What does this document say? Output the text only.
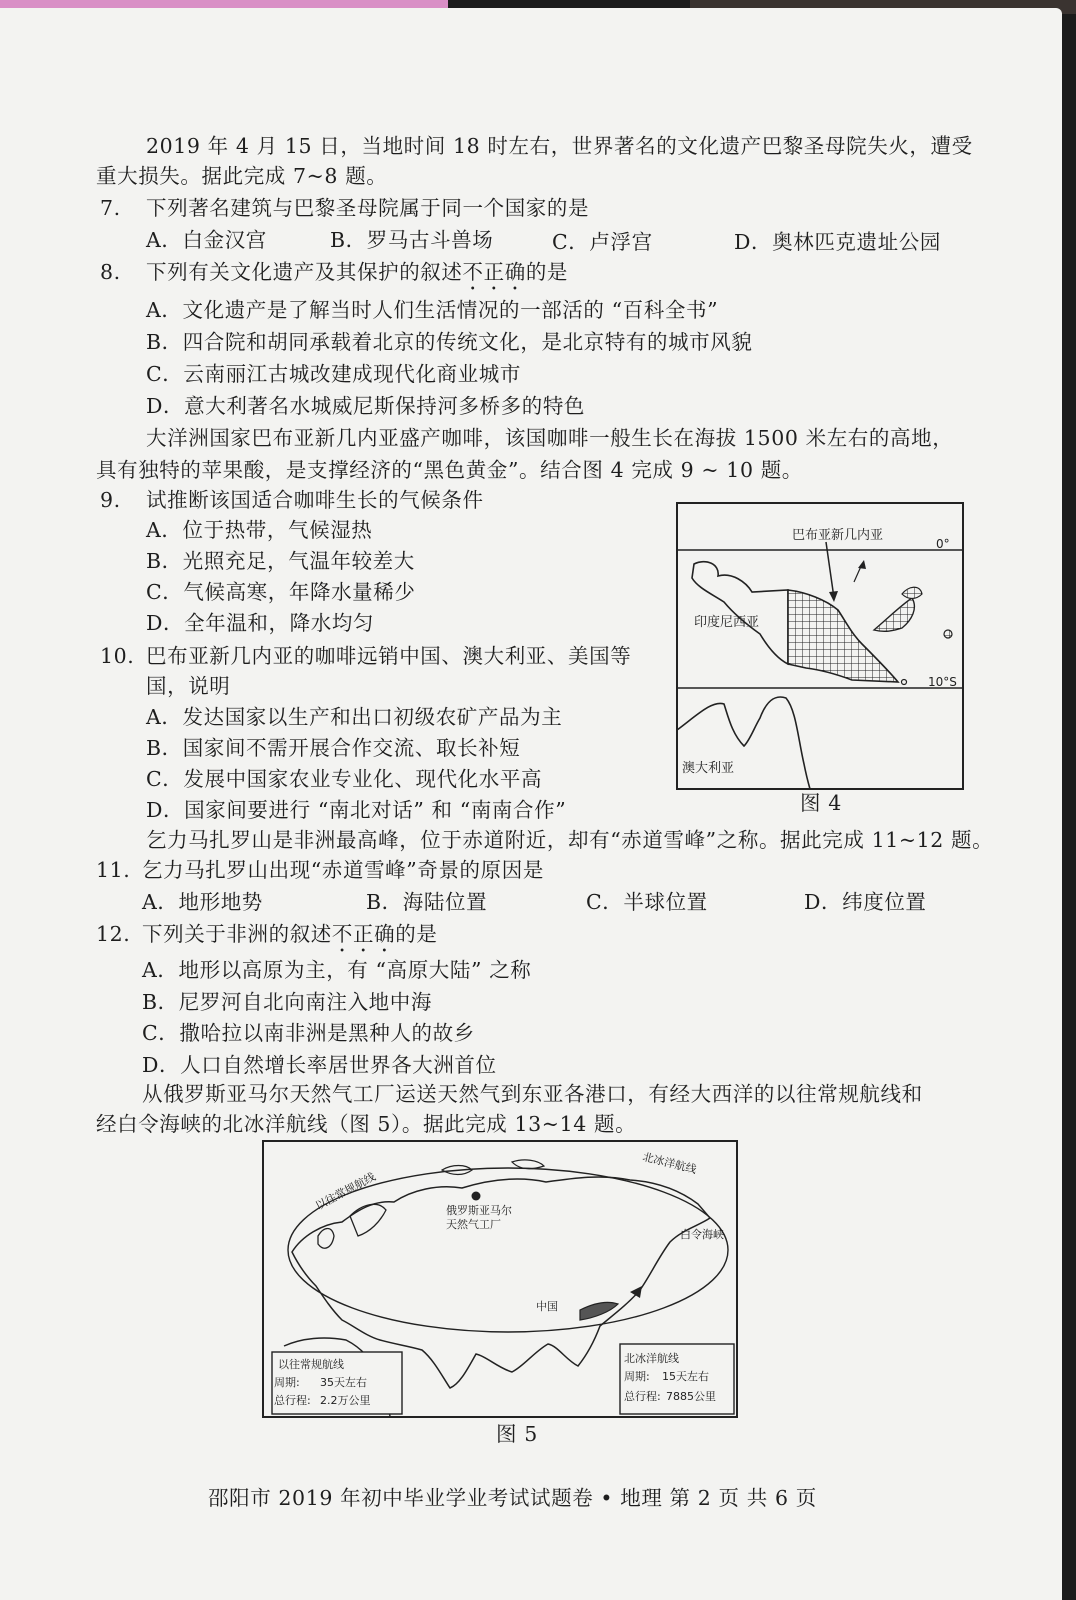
2019 年 4 月 15 日，当地时间 18 时左右，世界著名的文化遗产巴黎圣母院失火，遭受
重大损失。据此完成 7~8 题。
7. 下列著名建筑与巴黎圣母院属于同一个国家的是
A．白金汉宫	B．罗马古斗兽场	C．卢浮宫	D．奥林匹克遗址公园
8. 下列有关文化遗产及其保护的叙述不正确的是
A．文化遗产是了解当时人们生活情况的一部活的 “百科全书”
B．四合院和胡同承载着北京的传统文化，是北京特有的城市风貌
C．云南丽江古城改建成现代化商业城市
D．意大利著名水城威尼斯保持河多桥多的特色
大洋洲国家巴布亚新几内亚盛产咖啡，该国咖啡一般生长在海拔 1500 米左右的高地，
具有独特的苹果酸，是支撑经济的“黑色黄金”。结合图 4 完成 9 ~ 10 题。
9. 试推断该国适合咖啡生长的气候条件
A．位于热带，气候湿热
B．光照充足，气温年较差大
C．气候高寒，年降水量稀少
D．全年温和，降水均匀
10. 巴布亚新几内亚的咖啡远销中国、澳大利亚、美国等
国，说明
A．发达国家以生产和出口初级农矿产品为主
B．国家间不需开展合作交流、取长补短
C．发展中国家农业专业化、现代化水平高
D．国家间要进行 “南北对话” 和 “南南合作”
巴布亚新几内亚
0°
印度尼西亚
10°S
澳大利亚
图 4
乞力马扎罗山是非洲最高峰，位于赤道附近，却有“赤道雪峰”之称。据此完成 11~12 题。
11. 乞力马扎罗山出现“赤道雪峰”奇景的原因是
A．地形地势	B．海陆位置	C．半球位置	D．纬度位置
12. 下列关于非洲的叙述不正确的是
A．地形以高原为主，有 “高原大陆” 之称
B．尼罗河自北向南注入地中海
C．撒哈拉以南非洲是黑种人的故乡
D．人口自然增长率居世界各大洲首位
从俄罗斯亚马尔天然气工厂运送天然气到东亚各港口，有经大西洋的以往常规航线和
经白令海峡的北冰洋航线（图 5）。据此完成 13~14 题。
北冰洋航线
以往常规航线	俄罗斯亚马尔
天然气工厂
白令海峡
中国
以往常规航线
周期: 35天左右
总行程: 2.2万公里
北冰洋航线
周期: 15天左右
总行程: 7885公里
图 5
邵阳市 2019 年初中毕业学业考试试题卷 • 地理 第 2 页 共 6 页
